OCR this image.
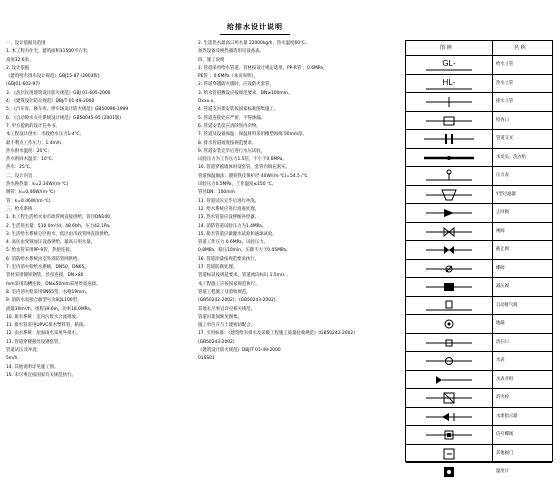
给排水设计说明
一、设计依据及范围
1. 本工程为住宅，建筑面积11500平方米，
高度32.6米。
2. 设计依据
《建筑给水排水设计规范》GBJ15-87 (2003版)
(GBJ01-602-97)
3. 《高层民用建筑设计防火规范》GBJ 01-605-2000
4. 《建筑设计防火规范》DBJ/T 01-49-2000
5. 《汽车库、修车库、停车场设计防火规范》GB50096-1999
6. 《自动喷水灭火系统设计规范》GB50045-95 (2001版)
7. 甲方提供的设计任务书。
本工程设计供水：市政给水压力1-4℃；
最不利点工作压力：1.4m/h；
热水供水温度：20℃；
热水供回水温差：10℃；
热水：25℃。
二、设计内容
热水换热量：k=2.34W/(m·℃)
钢管：k=0.46W/(m·℃)
管：k=0.46W/(m·℃)
三、给水系统
1. 本工程生活给水由市政管网直接供给，管径DN100。
2. 生活用水量：510.0m³/d，48.6t/h，压力42.1Pa。
3. 生活给水系统分区供水，低区由市政管网直接供给。
4. 高区由变频加压设备供给，最高日用水量。
5. 给水管采用PP-R管，热熔连接。
6. 消防给水系统由室外消防管网供给。
7. 室内消火栓给水系统，DN50，DN65。
管材采用镀锌钢管，丝扣连接，DN>80
mm采用沟槽连接，DN≤50mm采用丝扣连接。
8. 室内消火栓采用SN65型，水枪19mm。
9. 消防水泵接合器型号为SQL100型。
流量30m³/h，扬程39.6m，功率18.0MPa。
10. 排水系统：室内污废水合流排放。
11. 排水管采用UPVC排水塑料管，粘接。
12. 雨水系统：屋面雨水采用外排水。
13. 管道穿楼板处设钢套管。
管道试压及冲洗：
5m/h.
14. 其他说明详见施工图。
15. 未尽事宜按国家有关规范执行。
2. 生活热水最高日用水量 22000kg/h，热水温度60℃。
加热设备及换热器选用见设备表。
四、施工说明
1. 管道采用给水管道，管材按设计规定选用，PP-R管 ；0.6MPa，
PE管 ；0.6MPa（本页说明）。
2. 管道穿越防火墙时，应设防火套管。
3. 给水管道敷设应按规范要求，DN≥100mm。
Dxxx.x。
4. 管道支吊架安装按国家标准图集施工。
5. 管道连接处应严密，不得渗漏。
6. 管道安装前应清除管内杂物。
7. 管道及设备保温：保温材料采用橡塑海绵 50mm厚。
8. 排水管道坡度按规范要求。
9. 管道安装完毕后进行水压试验。
试验压力为工作压力1.5倍，不小于0.6MPa。
10. 管道穿越墙体时设套管，套管内填充密实。
管道保温做法：镀锌铁皮保护层 40W/(m·℃)=54.5 /℃
试验压力0.5MPa，工作温度≤150 ℃。
管径DN：100mm
11. 管道试压完毕后进行冲洗。
12. 给水系统应进行消毒处理。
13. 热水管道应设伸缩补偿器。
14. 消防管道试验压力为1.4MPa。
15. 排水管道应做灌水试验和通球试验。
管道工作压力 0.6MPa，试验压力。
0.8MPa，稳压10min，压降不大于0.05MPa。
16. 管道涂漆按规范要求执行。
17. 管道防腐处理。
管道标识按规范要求，管道流向标识 1.5m/s 。
本工程施工应按国家规范执行。
管道工程施工及验收规范。
(GB50242-2002)，(GB50243-2002)。
其他未尽事宜详见相关规范。
管道吊架间距见图集。
施工单位应与土建密切配合。
17. 引用标准：《建筑给水排水及采暖工程施工质量验收规范》(GB50242-2002)
(GB50243-2002)
《建筑设计防火规范》DBJ/T 01-49-2000
01SS01
图 例	名 称
GL-	给水立管
HL-	热水立管
排水立管
检查口
管道交叉
水龙头、洗衣机
压力表
Y型过滤器
止回阀
闸阀
截止阀
蝶阀
减压阀
自动排气阀
地漏
清扫口
水表
水表井组
消火栓
水流指示器
信号蝶阀
其他阀门
温度计
